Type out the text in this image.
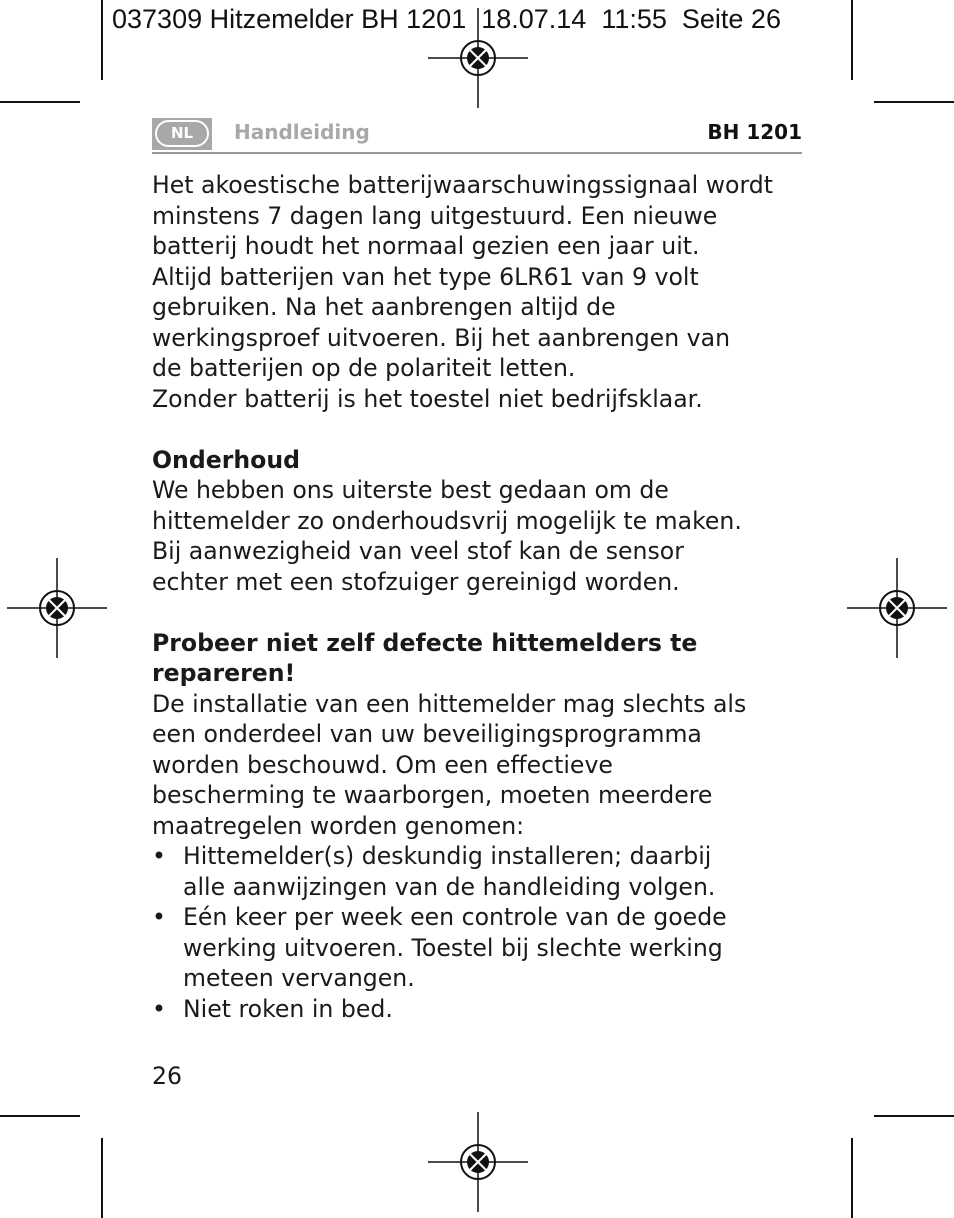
037309 Hitzemelder BH 1201  18.07.14  11:55  Seite 26
NL	Handleiding	BH 1201

Het akoestische batterijwaarschuwingssignaal wordt

minstens 7 dagen lang uitgestuurd. Een nieuwe

batterij houdt het normaal gezien een jaar uit.

Altijd batterijen van het type 6LR61 van 9 volt

gebruiken. Na het aanbrengen altijd de

werkingsproef uitvoeren. Bij het aanbrengen van

de batterijen op de polariteit letten.

Zonder batterij is het toestel niet bedrijfsklaar.

Onderhoud

We hebben ons uiterste best gedaan om de

hittemelder zo onderhoudsvrij mogelijk te maken.

Bij aanwezigheid van veel stof kan de sensor

echter met een stofzuiger gereinigd worden.

Probeer niet zelf defecte hittemelders te
repareren!

De installatie van een hittemelder mag slechts als

een onderdeel van uw beveiligingsprogramma

worden beschouwd. Om een effectieve

bescherming te waarborgen, moeten meerdere

maatregelen worden genomen:

• Hittemelder(s) deskundig installeren; daarbij
alle aanwijzingen van de handleiding volgen.
• Eén keer per week een controle van de goede
werking uitvoeren. Toestel bij slechte werking
meteen vervangen.
• Niet roken in bed.
26
